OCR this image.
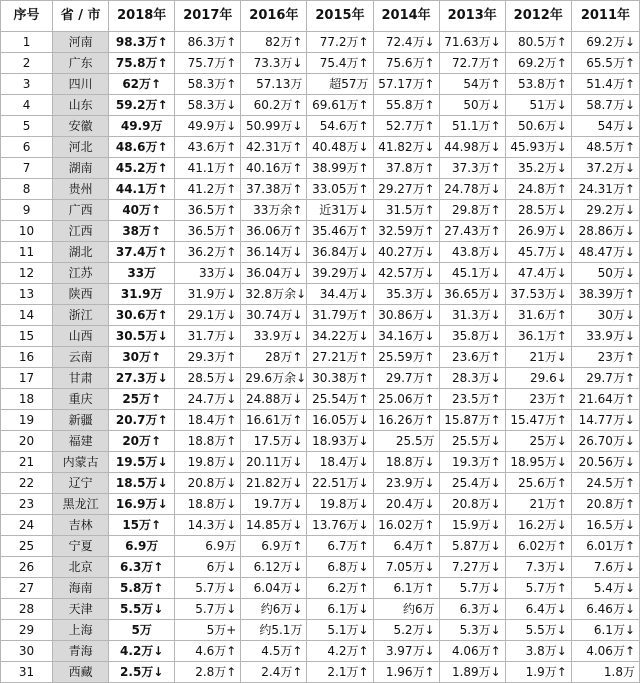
序号	省 / 市	2018年	2017年	2016年	2015年	2014年	2013年	2012年	2011年
1	河南	98.3万↑	86.3万↑	82万↑	77.2万↑	72.4万↓	71.63万↓	80.5万↑	69.2万↓
2	广东	75.8万↑	75.7万↑	73.3万↓	75.4万↑	75.6万↑	72.7万↑	69.2万↑	65.5万↑
3	四川	62万↑	58.3万↑	57.13万	超57万	57.17万↑	54万↑	53.8万↑	51.4万↑
4	山东	59.2万↑	58.3万↓	60.2万↑	69.61万↑	55.8万↑	50万↓	51万↓	58.7万↓
5	安徽	49.9万	49.9万↓	50.99万↓	54.6万↑	52.7万↑	51.1万↑	50.6万↓	54万↓
6	河北	48.6万↑	43.6万↑	42.31万↑	40.48万↓	41.82万↓	44.98万↓	45.93万↓	48.5万↑
7	湖南	45.2万↑	41.1万↑	40.16万↑	38.99万↑	37.8万↑	37.3万↑	35.2万↓	37.2万↓
8	贵州	44.1万↑	41.2万↑	37.38万↑	33.05万↑	29.27万↑	24.78万↓	24.8万↑	24.31万↑
9	广西	40万↑	36.5万↑	33万余↑	近31万↓	31.5万↑	29.8万↑	28.5万↓	29.2万↓
10	江西	38万↑	36.5万↑	36.06万↑	35.46万↑	32.59万↑	27.43万↑	26.9万↓	28.86万↓
11	湖北	37.4万↑	36.2万↑	36.14万↓	36.84万↓	40.27万↓	43.8万↓	45.7万↓	48.47万↓
12	江苏	33万	33万↓	36.04万↓	39.29万↓	42.57万↓	45.1万↓	47.4万↓	50万↓
13	陕西	31.9万	31.9万↓	32.8万余↓	34.4万↓	35.3万↓	36.65万↓	37.53万↓	38.39万↑
14	浙江	30.6万↑	29.1万↓	30.74万↓	31.79万↑	30.86万↓	31.3万↓	31.6万↑	30万↓
15	山西	30.5万↓	31.7万↓	33.9万↓	34.22万↓	34.16万↓	35.8万↓	36.1万↑	33.9万↓
16	云南	30万↑	29.3万↑	28万↑	27.21万↑	25.59万↑	23.6万↑	21万↓	23万↑
17	甘肃	27.3万↓	28.5万↓	29.6万余↓	30.38万↑	29.7万↑	28.3万↓	29.6↓	29.7万↑
18	重庆	25万↑	24.7万↓	24.88万↓	25.54万↑	25.06万↑	23.5万↑	23万↑	21.64万↑
19	新疆	20.7万↑	18.4万↑	16.61万↑	16.05万↓	16.26万↑	15.87万↑	15.47万↑	14.77万↓
20	福建	20万↑	18.8万↑	17.5万↓	18.93万↓	25.5万	25.5万↓	25万↓	26.70万↓
21	内蒙古	19.5万↓	19.8万↓	20.11万↓	18.4万↓	18.8万↓	19.3万↑	18.95万↓	20.56万↓
22	辽宁	18.5万↓	20.8万↓	21.82万↓	22.51万↓	23.9万↓	25.4万↓	25.6万↑	24.5万↑
23	黑龙江	16.9万↓	18.8万↓	19.7万↓	19.8万↓	20.4万↓	20.8万↓	21万↑	20.8万↑
24	吉林	15万↑	14.3万↓	14.85万↓	13.76万↓	16.02万↑	15.9万↓	16.2万↓	16.5万↓
25	宁夏	6.9万	6.9万	6.9万↑	6.7万↑	6.4万↑	5.87万↓	6.02万↑	6.01万↑
26	北京	6.3万↑	6万↓	6.12万↓	6.8万↓	7.05万↓	7.27万↓	7.3万↓	7.6万↓
27	海南	5.8万↑	5.7万↓	6.04万↓	6.2万↑	6.1万↑	5.7万↓	5.7万↑	5.4万↓
28	天津	5.5万↓	5.7万↓	约6万↓	6.1万↓	约6万	6.3万↓	6.4万↓	6.46万↓
29	上海	5万	5万+	约5.1万	5.1万↓	5.2万↓	5.3万↓	5.5万↓	6.1万↓
30	青海	4.2万↓	4.6万↑	4.5万↑	4.2万↑	3.97万↓	4.06万↑	3.8万↓	4.06万↑
31	西藏	2.5万↓	2.8万↑	2.4万↑	2.1万↑	1.96万↑	1.89万↓	1.9万↑	1.8万
